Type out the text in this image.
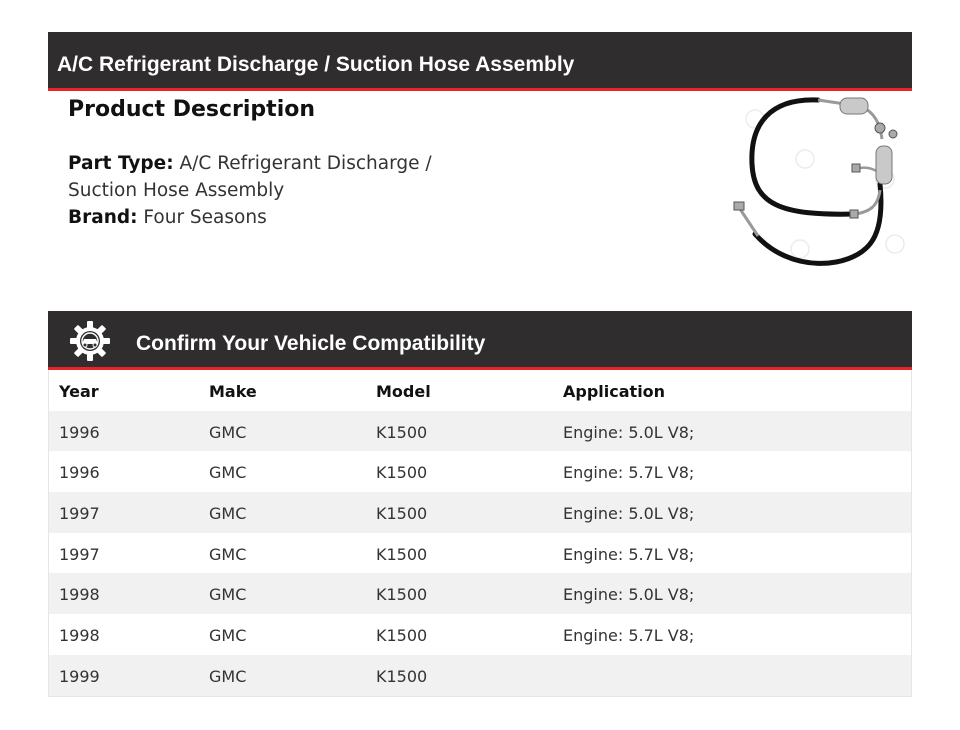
A/C Refrigerant Discharge / Suction Hose Assembly
Product Description
Part Type: A/C Refrigerant Discharge / Suction Hose Assembly
Brand: Four Seasons
Confirm Your Vehicle Compatibility
Year	Make	Model	Application
1996	GMC	K1500	Engine: 5.0L V8;
1996	GMC	K1500	Engine: 5.7L V8;
1997	GMC	K1500	Engine: 5.0L V8;
1997	GMC	K1500	Engine: 5.7L V8;
1998	GMC	K1500	Engine: 5.0L V8;
1998	GMC	K1500	Engine: 5.7L V8;
1999	GMC	K1500
